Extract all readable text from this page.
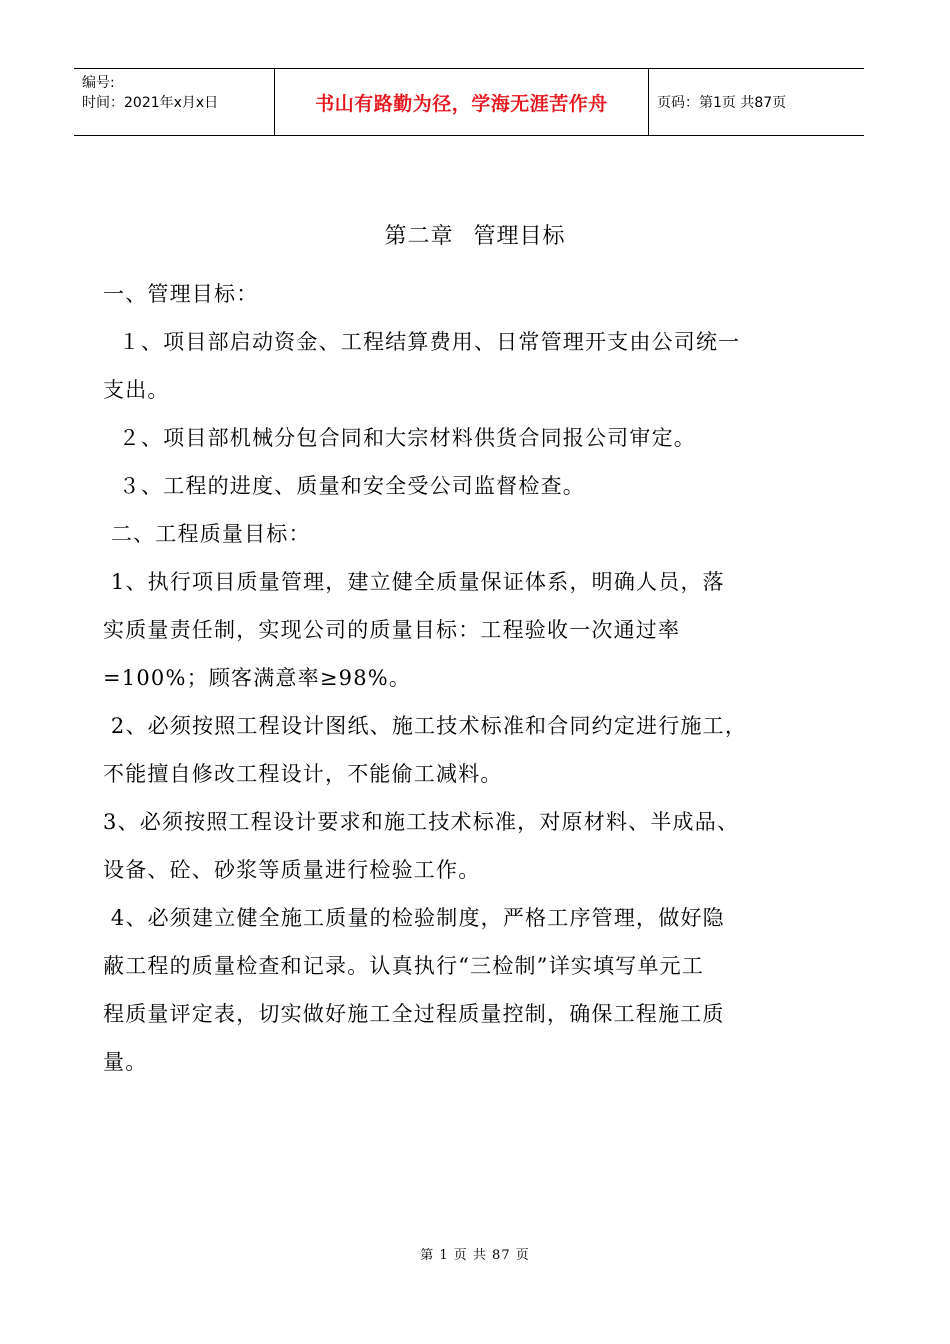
编号:
时间：2021年x月x日	书山有路勤为径，学海无涯苦作舟	页码：第1页 共87页
第二章 管理目标

一、管理目标：

１、项目部启动资金、工程结算费用、日常管理开支由公司统一

支出。

２、项目部机械分包合同和大宗材料供货合同报公司审定。

３、工程的进度、质量和安全受公司监督检查。

二、工程质量目标：

1、执行项目质量管理，建立健全质量保证体系，明确人员，落

实质量责任制，实现公司的质量目标：工程验收一次通过率

=100%；顾客满意率≥98%。

2、必须按照工程设计图纸、施工技术标准和合同约定进行施工，

不能擅自修改工程设计，不能偷工减料。

3、必须按照工程设计要求和施工技术标准，对原材料、半成品、

设备、砼、砂浆等质量进行检验工作。

4、必须建立健全施工质量的检验制度，严格工序管理，做好隐

蔽工程的质量检查和记录。认真执行“三检制”详实填写单元工

程质量评定表，切实做好施工全过程质量控制，确保工程施工质

量。

第 1 页 共 87 页
